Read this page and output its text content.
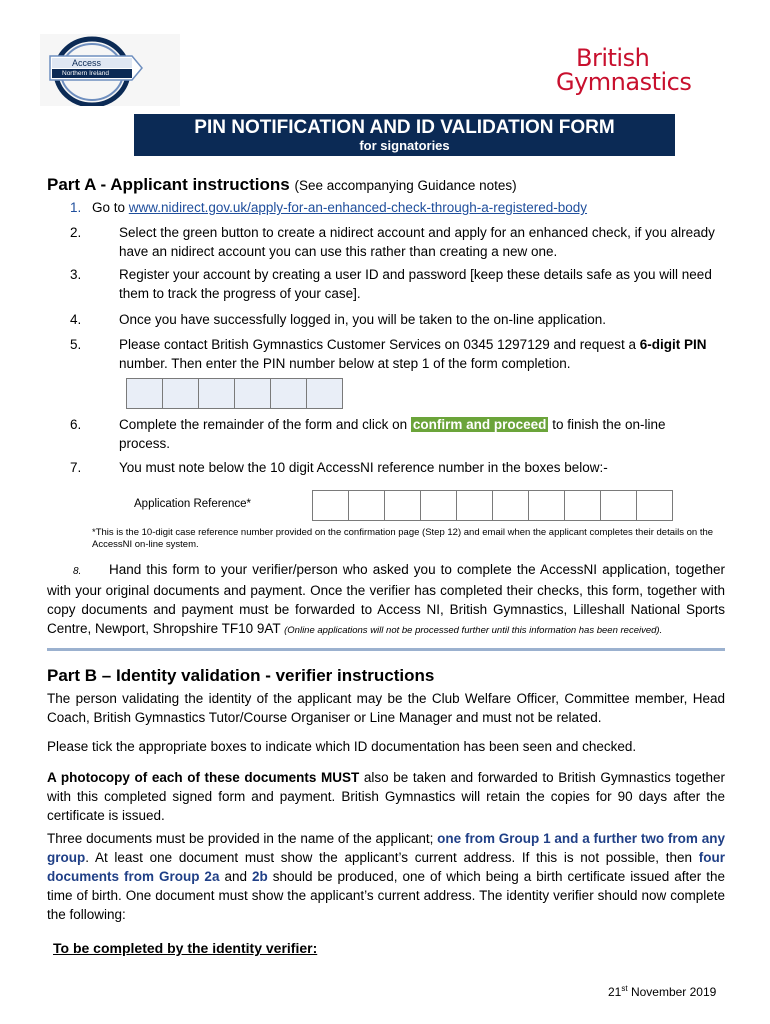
Access
Northern Ireland
British
Gymnastics
PIN NOTIFICATION AND ID VALIDATION FORM
for signatories
Part A - Applicant instructions (See accompanying Guidance notes)
1. Go to www.nidirect.gov.uk/apply-for-an-enhanced-check-through-a-registered-body
2.	Select the green button to create a nidirect account and apply for an enhanced check, if you already have an nidirect account you can use this rather than creating a new one.
3.	Register your account by creating a user ID and password [keep these details safe as you will need them to track the progress of your case].
4.	Once you have successfully logged in, you will be taken to the on-line application.
5.	Please contact British Gymnastics Customer Services on 0345 1297129 and request a 6-digit PIN number. Then enter the PIN number below at step 1 of the form completion.
6.	Complete the remainder of the form and click on confirm and proceed to finish the on-line process.
7.	You must note below the 10 digit AccessNI reference number in the boxes below:-
Application Reference*
*This is the 10-digit case reference number provided on the confirmation page (Step 12) and email when the applicant completes their details on the AccessNI on-line system.
8. Hand this form to your verifier/person who asked you to complete the AccessNI application, together with your original documents and payment. Once the verifier has completed their checks, this form, together with copy documents and payment must be forwarded to Access NI, British Gymnastics, Lilleshall National Sports Centre, Newport, Shropshire TF10 9AT (Online applications will not be processed further until this information has been received).
Part B – Identity validation - verifier instructions
The person validating the identity of the applicant may be the Club Welfare Officer, Committee member, Head Coach, British Gymnastics Tutor/Course Organiser or Line Manager and must not be related.
Please tick the appropriate boxes to indicate which ID documentation has been seen and checked.
A photocopy of each of these documents MUST also be taken and forwarded to British Gymnastics together with this completed signed form and payment. British Gymnastics will retain the copies for 90 days after the certificate is issued.
Three documents must be provided in the name of the applicant; one from Group 1 and a further two from any group. At least one document must show the applicant’s current address. If this is not possible, then four documents from Group 2a and 2b should be produced, one of which being a birth certificate issued after the time of birth. One document must show the applicant’s current address. The identity verifier should now complete the following:
To be completed by the identity verifier:
21st November 2019
